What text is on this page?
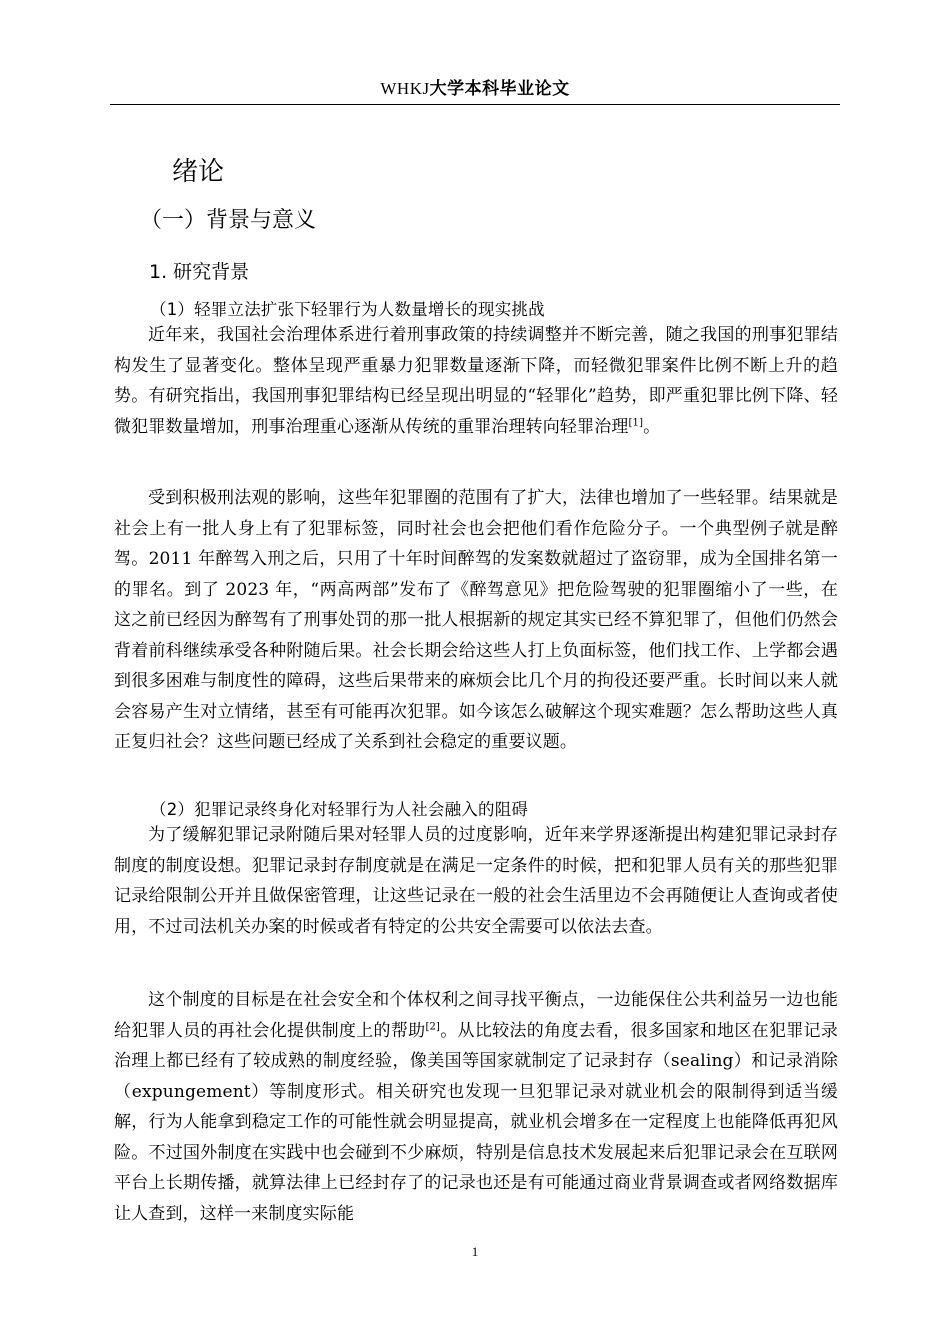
WHKJ大学本科毕业论文
绪论
（一）背景与意义
1. 研究背景
（1）轻罪立法扩张下轻罪行为人数量增长的现实挑战

近年来，我国社会治理体系进行着刑事政策的持续调整并不断完善，随之我国的刑事犯罪结构发生了显著变化。整体呈现严重暴力犯罪数量逐渐下降，而轻微犯罪案件比例不断上升的趋势。有研究指出，我国刑事犯罪结构已经呈现出明显的“轻罪化”趋势，即严重犯罪比例下降、轻微犯罪数量增加，刑事治理重心逐渐从传统的重罪治理转向轻罪治理[1]。

受到积极刑法观的影响，这些年犯罪圈的范围有了扩大，法律也增加了一些轻罪。结果就是社会上有一批人身上有了犯罪标签，同时社会也会把他们看作危险分子。一个典型例子就是醉驾。2011 年醉驾入刑之后，只用了十年时间醉驾的发案数就超过了盗窃罪，成为全国排名第一的罪名。到了 2023 年，“两高两部”发布了《醉驾意见》把危险驾驶的犯罪圈缩小了一些，在这之前已经因为醉驾有了刑事处罚的那一批人根据新的规定其实已经不算犯罪了，但他们仍然会背着前科继续承受各种附随后果。社会长期会给这些人打上负面标签，他们找工作、上学都会遇到很多困难与制度性的障碍，这些后果带来的麻烦会比几个月的拘役还要严重。长时间以来人就会容易产生对立情绪，甚至有可能再次犯罪。如今该怎么破解这个现实难题？怎么帮助这些人真正复归社会？这些问题已经成了关系到社会稳定的重要议题。

（2）犯罪记录终身化对轻罪行为人社会融入的阻碍

为了缓解犯罪记录附随后果对轻罪人员的过度影响，近年来学界逐渐提出构建犯罪记录封存制度的制度设想。犯罪记录封存制度就是在满足一定条件的时候，把和犯罪人员有关的那些犯罪记录给限制公开并且做保密管理，让这些记录在一般的社会生活里边不会再随便让人查询或者使用，不过司法机关办案的时候或者有特定的公共安全需要可以依法去查。

这个制度的目标是在社会安全和个体权利之间寻找平衡点，一边能保住公共利益另一边也能给犯罪人员的再社会化提供制度上的帮助[2]。从比较法的角度去看，很多国家和地区在犯罪记录治理上都已经有了较成熟的制度经验，像美国等国家就制定了记录封存（sealing）和记录消除（expungement）等制度形式。相关研究也发现一旦犯罪记录对就业机会的限制得到适当缓解，行为人能拿到稳定工作的可能性就会明显提高，就业机会增多在一定程度上也能降低再犯风险。不过国外制度在实践中也会碰到不少麻烦，特别是信息技术发展起来后犯罪记录会在互联网平台上长期传播，就算法律上已经封存了的记录也还是有可能通过商业背景调查或者网络数据库让人查到，这样一来制度实际能

1
